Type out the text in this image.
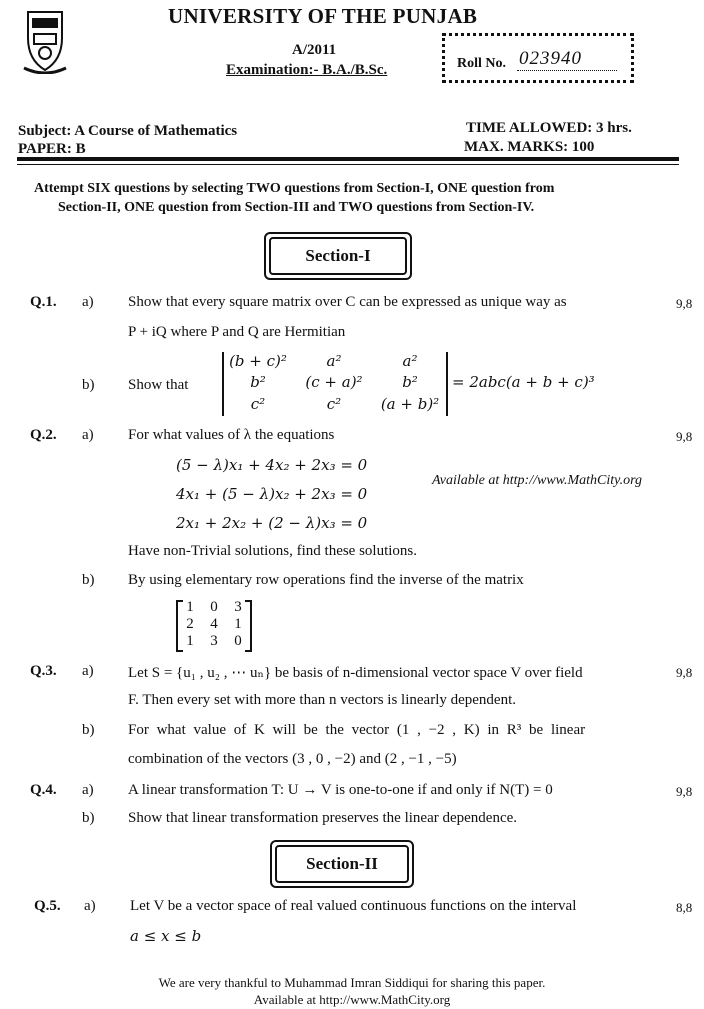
UNIVERSITY OF THE PUNJAB
A/2011
Examination:- B.A./B.Sc.	Roll No. 023940
Subject: A Course of Mathematics
PAPER: B
TIME ALLOWED: 3 hrs.
MAX. MARKS: 100
Attempt SIX questions by selecting TWO questions from Section-I, ONE question from
Section-II, ONE question from Section-III and TWO questions from Section-IV.
Section-I
Q.1. a) Show that every square matrix over C can be expressed as unique way as
P + iQ where P and Q are Hermitian
9,8
b) Show that
(b + c)²	a²	a²
b²	(c + a)²	b²
c²	c²	(a + b)²
= 2abc(a + b + c)³
Q.2. a) For what values of λ the equations	9,8
(5 − λ)x₁ + 4x₂ + 2x₃ = 0
4x₁ + (5 − λ)x₂ + 2x₃ = 0
2x₁ + 2x₂ + (2 − λ)x₃ = 0
Available at http://www.MathCity.org
Have non-Trivial solutions, find these solutions.
b) By using elementary row operations find the inverse of the matrix
1	0	3
2	4	1
1	3	0
Q.3. a) Let S = {u₁ , u₂ , ⋯ uₙ} be basis of n-dimensional vector space V over field
F. Then every set with more than n vectors is linearly dependent.
9,8
b) For what value of K will be the vector (1 , −2 , K) in R³ be linear
combination of the vectors (3 , 0 , −2) and (2 , −1 , −5)
Q.4. a) A linear transformation T: U → V is one-to-one if and only if N(T) = 0	9,8
b) Show that linear transformation preserves the linear dependence.
Section-II
Q.5. a) Let V be a vector space of real valued continuous functions on the interval
a ≤ x ≤ b
8,8
We are very thankful to Muhammad Imran Siddiqui for sharing this paper.
Available at http://www.MathCity.org
